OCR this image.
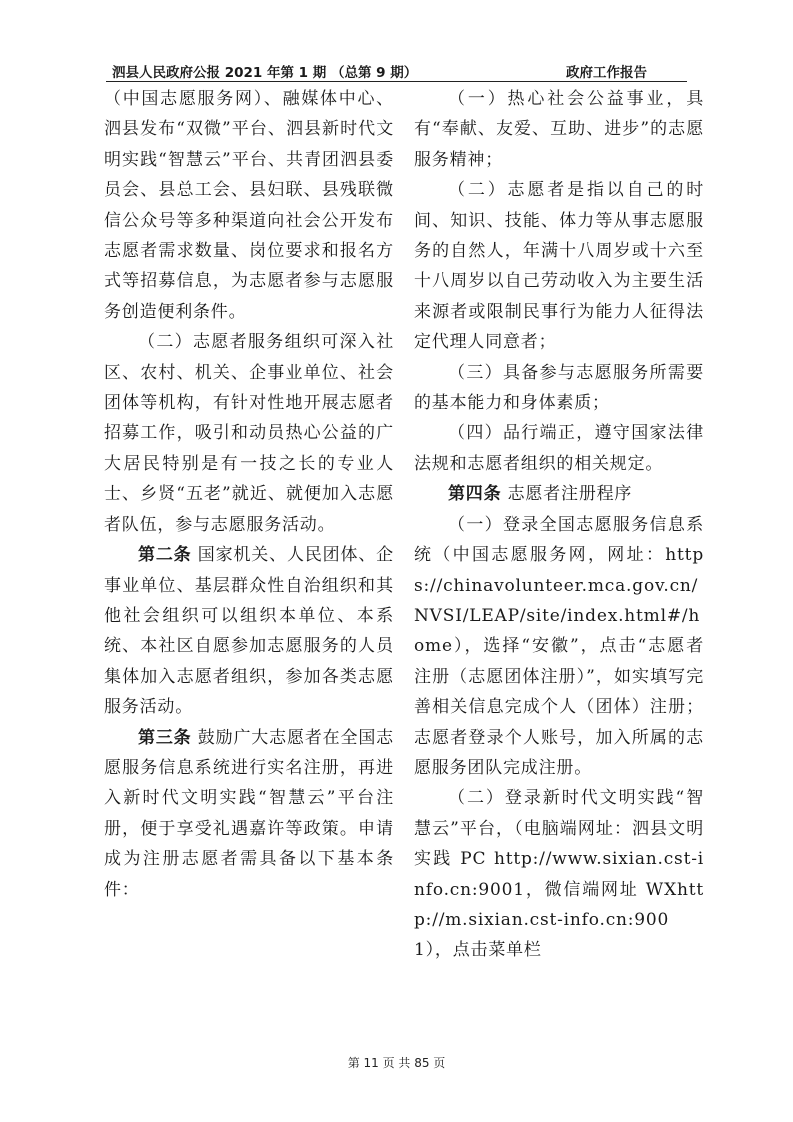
泗县人民政府公报 2021 年第 1 期 （总第 9 期）	政府工作报告

（中国志愿服务网）、融媒体中心、泗县发布“双微”平台、泗县新时代文明实践“智慧云”平台、共青团泗县委员会、县总工会、县妇联、县残联微信公众号等多种渠道向社会公开发布志愿者需求数量、岗位要求和报名方式等招募信息，为志愿者参与志愿服务创造便利条件。

（二）志愿者服务组织可深入社区、农村、机关、企事业单位、社会团体等机构，有针对性地开展志愿者招募工作，吸引和动员热心公益的广大居民特别是有一技之长的专业人士、乡贤“五老”就近、就便加入志愿者队伍，参与志愿服务活动。

第二条 国家机关、人民团体、企事业单位、基层群众性自治组织和其他社会组织可以组织本单位、本系统、本社区自愿参加志愿服务的人员集体加入志愿者组织，参加各类志愿服务活动。

第三条 鼓励广大志愿者在全国志愿服务信息系统进行实名注册，再进入新时代文明实践“智慧云”平台注册，便于享受礼遇嘉许等政策。申请成为注册志愿者需具备以下基本条件：

（一）热心社会公益事业，具有“奉献、友爱、互助、进步”的志愿服务精神；

（二）志愿者是指以自己的时间、知识、技能、体力等从事志愿服务的自然人，年满十八周岁或十六至十八周岁以自己劳动收入为主要生活来源者或限制民事行为能力人征得法定代理人同意者；

（三）具备参与志愿服务所需要的基本能力和身体素质；

（四）品行端正，遵守国家法律法规和志愿者组织的相关规定。

第四条 志愿者注册程序

（一）登录全国志愿服务信息系统（中国志愿服务网，网址：https://chinavolunteer.mca.gov.cn/NVSI/LEAP/site/index.html#/home），选择“安徽”，点击“志愿者注册（志愿团体注册）”，如实填写完善相关信息完成个人（团体）注册；志愿者登录个人账号，加入所属的志愿服务团队完成注册。

（二）登录新时代文明实践“智慧云”平台，（电脑端网址：泗县文明实践 PC http://www.sixian.cst-info.cn:9001，微信端网址 WXhttp://m.sixian.cst-info.cn:9001），点击菜单栏

第 11 页 共 85 页
